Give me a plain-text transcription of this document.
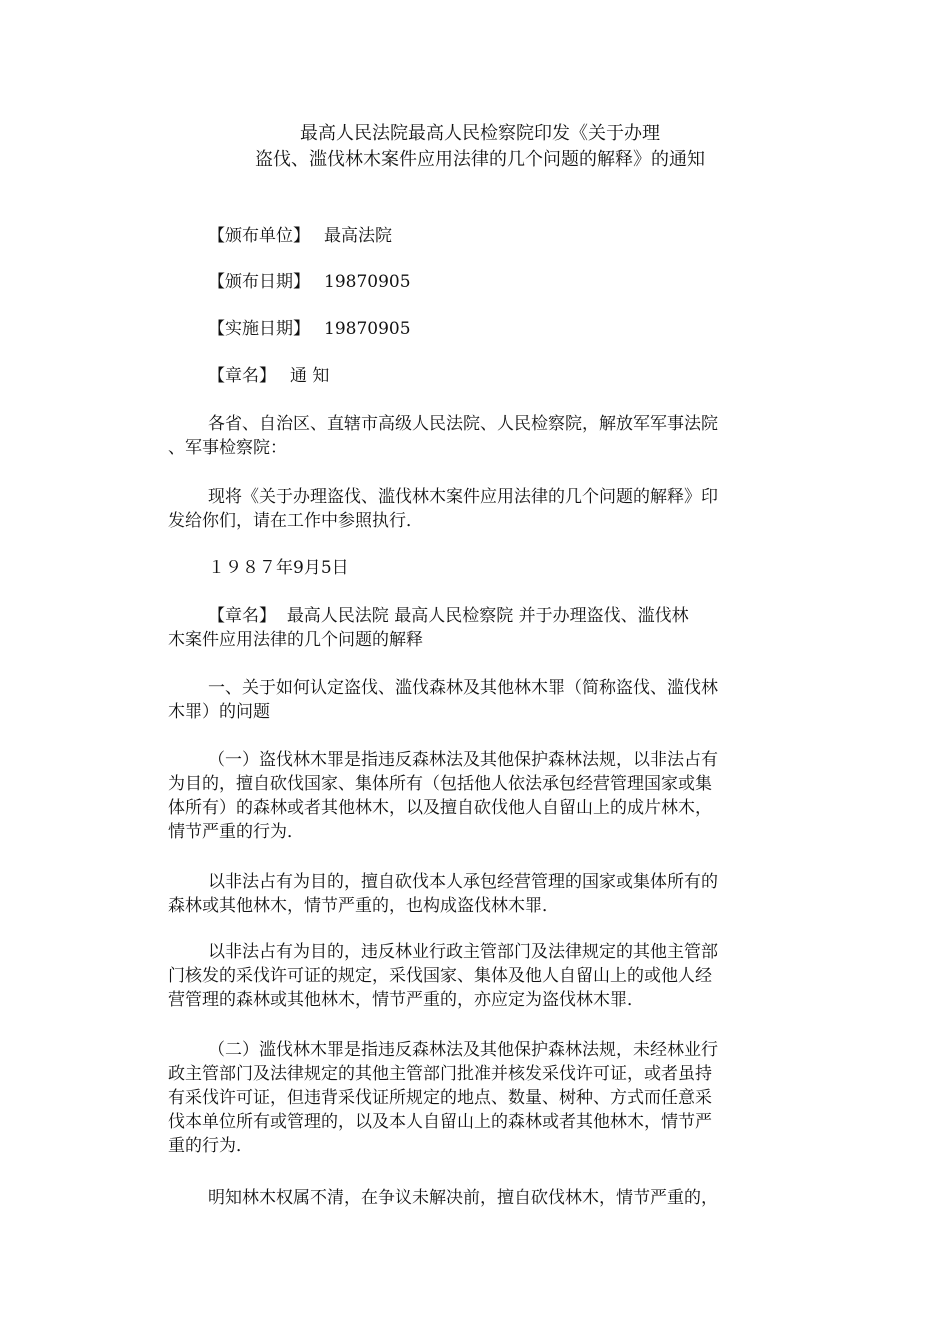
最高人民法院最高人民检察院印发《关于办理
盗伐、滥伐林木案件应用法律的几个问题的解释》的通知
【颁布单位】 最高法院
【颁布日期】 19870905
【实施日期】 19870905
【章名】 通 知
各省、自治区、直辖市高级人民法院、人民检察院，解放军军事法院
、军事检察院：
现将《关于办理盗伐、滥伐林木案件应用法律的几个问题的解释》印
发给你们，请在工作中参照执行．
１９８７年9月5日
【章名】 最高人民法院 最高人民检察院 并于办理盗伐、滥伐林
木案件应用法律的几个问题的解释
一、关于如何认定盗伐、滥伐森林及其他林木罪（简称盗伐、滥伐林
木罪）的问题
（一）盗伐林木罪是指违反森林法及其他保护森林法规，以非法占有
为目的，擅自砍伐国家、集体所有（包括他人依法承包经营管理国家或集
体所有）的森林或者其他林木，以及擅自砍伐他人自留山上的成片林木，
情节严重的行为．
以非法占有为目的，擅自砍伐本人承包经营管理的国家或集体所有的
森林或其他林木，情节严重的，也构成盗伐林木罪．
以非法占有为目的，违反林业行政主管部门及法律规定的其他主管部
门核发的采伐许可证的规定，采伐国家、集体及他人自留山上的或他人经
营管理的森林或其他林木，情节严重的，亦应定为盗伐林木罪．
（二）滥伐林木罪是指违反森林法及其他保护森林法规，未经林业行
政主管部门及法律规定的其他主管部门批准并核发采伐许可证，或者虽持
有采伐许可证，但违背采伐证所规定的地点、数量、树种、方式而任意采
伐本单位所有或管理的，以及本人自留山上的森林或者其他林木，情节严
重的行为．
明知林木权属不清，在争议未解决前，擅自砍伐林木，情节严重的，
